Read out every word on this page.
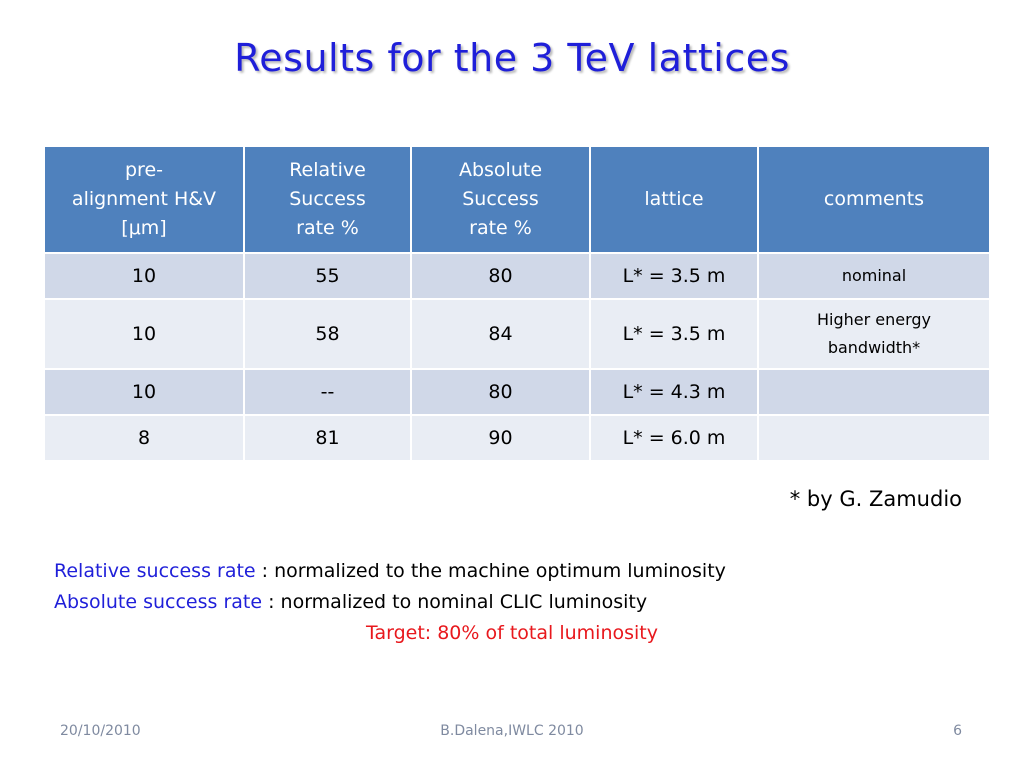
Results for the 3 TeV lattices
pre-
alignment H&V
[μm]	Relative
Success
rate %	Absolute
Success
rate %	lattice	comments
10	55	80	L* = 3.5 m	nominal
10	58	84	L* = 3.5 m	Higher energy
bandwidth*
10	--	80	L* = 4.3 m	
8	81	90	L* = 6.0 m	
* by G. Zamudio
Relative success rate : normalized to the machine optimum luminosity
Absolute success rate : normalized to nominal CLIC luminosity
Target: 80% of total luminosity
20/10/2010	B.Dalena,IWLC 2010	6
